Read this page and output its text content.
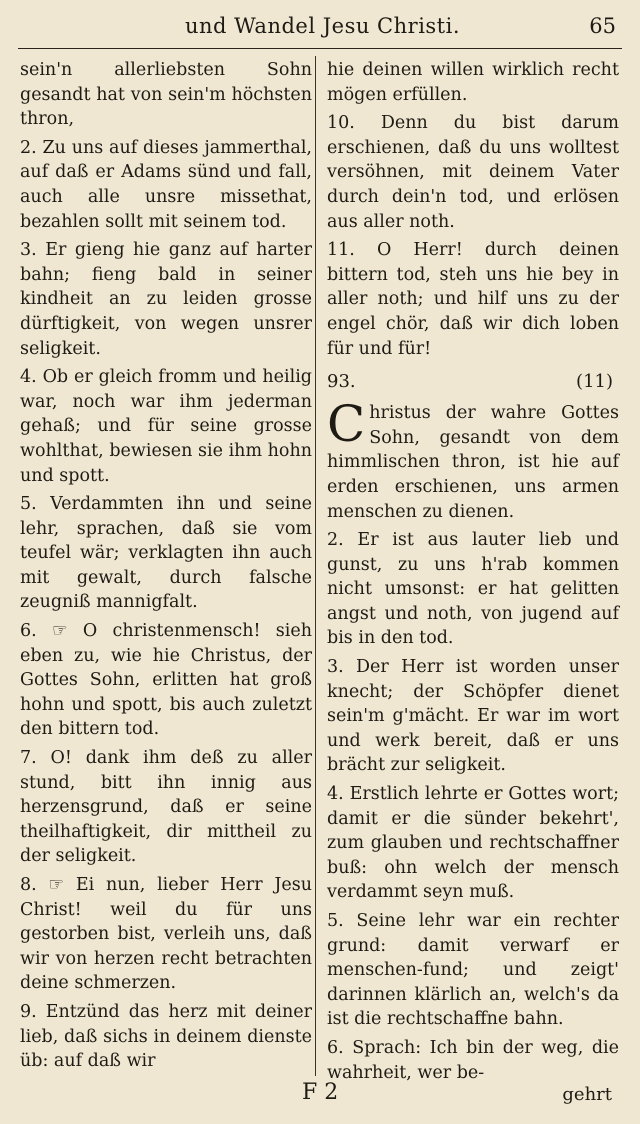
und Wandel Jesu Christi.	65

sein'n allerliebsten Sohn gesandt hat von sein'm höchsten thron,

2. Zu uns auf dieses jammerthal, auf daß er Adams sünd und fall, auch alle unsre missethat, bezahlen sollt mit seinem tod.

3. Er gieng hie ganz auf harter bahn; fieng bald in seiner kindheit an zu leiden grosse dürftigkeit, von wegen unsrer seligkeit.

4. Ob er gleich fromm und heilig war, noch war ihm jederman gehaß; und für seine grosse wohlthat, bewiesen sie ihm hohn und spott.

5. Verdammten ihn und seine lehr, sprachen, daß sie vom teufel wär; verklagten ihn auch mit gewalt, durch falsche zeugniß mannigfalt.

6. ☞ O christenmensch! sieh eben zu, wie hie Christus, der Gottes Sohn, erlitten hat groß hohn und spott, bis auch zuletzt den bittern tod.

7. O! dank ihm deß zu aller stund, bitt ihn innig aus herzensgrund, daß er seine theilhaftigkeit, dir mittheil zu der seligkeit.

8. ☞ Ei nun, lieber Herr Jesu Christ! weil du für uns gestorben bist, verleih uns, daß wir von herzen recht betrachten deine schmerzen.

9. Entzünd das herz mit deiner lieb, daß sichs in deinem dienste üb: auf daß wir

hie deinen willen wirklich recht mögen erfüllen.

10. Denn du bist darum erschienen, daß du uns wolltest versöhnen, mit deinem Vater durch dein'n tod, und erlösen aus aller noth.

11. O Herr! durch deinen bittern tod, steh uns hie bey in aller noth; und hilf uns zu der engel chör, daß wir dich loben für und für!

93.	(11)

Christus der wahre Gottes Sohn, gesandt von dem himmlischen thron, ist hie auf erden erschienen, uns armen menschen zu dienen.

2. Er ist aus lauter lieb und gunst, zu uns h'rab kommen nicht umsonst: er hat gelitten angst und noth, von jugend auf bis in den tod.

3. Der Herr ist worden unser knecht; der Schöpfer dienet sein'm g'mächt. Er war im wort und werk bereit, daß er uns brächt zur seligkeit.

4. Erstlich lehrte er Gottes wort; damit er die sünder bekehrt', zum glauben und rechtschaffner buß: ohn welch der mensch verdammt seyn muß.

5. Seine lehr war ein rechter grund: damit verwarf er menschen-fund; und zeigt' darinnen klärlich an, welch's da ist die rechtschaffne bahn.

6. Sprach: Ich bin der weg, die wahrheit, wer be-

F 2	gehrt
